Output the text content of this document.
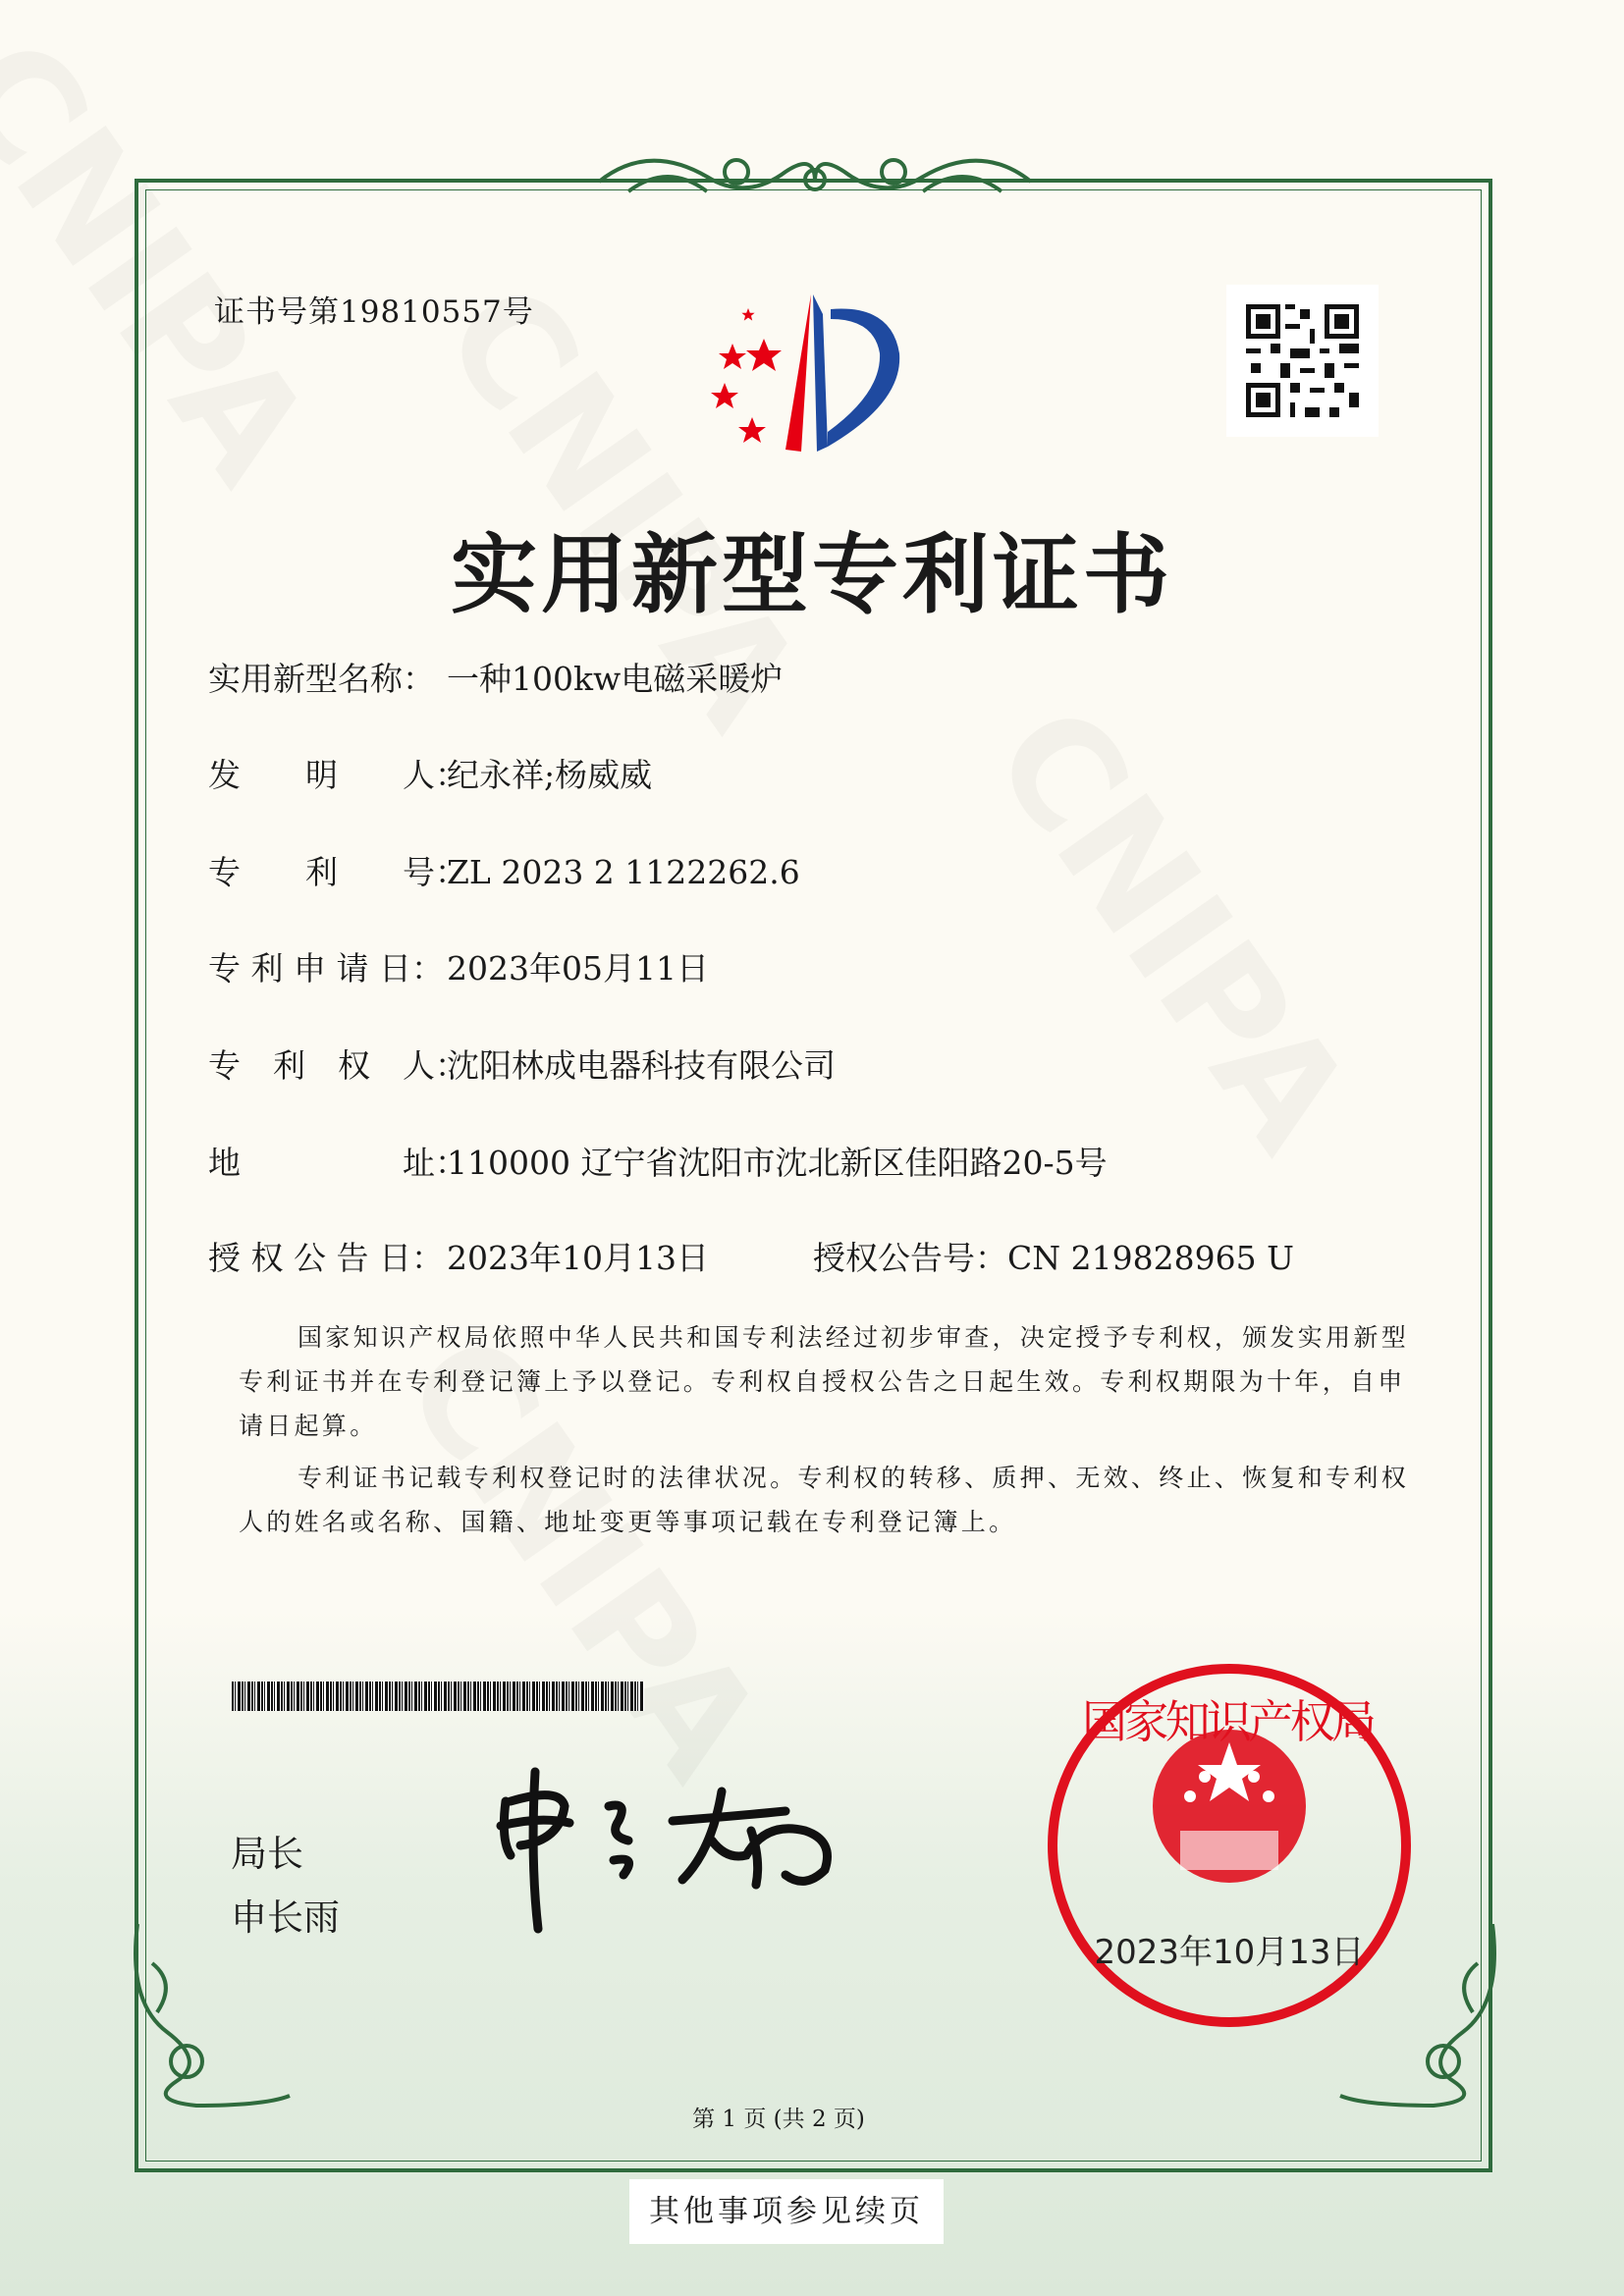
证书号第19810557号
实用新型专利证书
实用新型名称： 一种100kw电磁采暖炉
发　　明　　人：纪永祥;杨威威
专　　利　　号：ZL 2023 2 1122262.6
专 利 申 请 日：2023年05月11日
专　利　权　人：沈阳林成电器科技有限公司
地　　　　　址：110000 辽宁省沈阳市沈北新区佳阳路20-5号
授 权 公 告 日：2023年10月13日	授权公告号：CN 219828965 U
国家知识产权局依照中华人民共和国专利法经过初步审查，决定授予专利权，颁发实用新型专利证书并在专利登记簿上予以登记。专利权自授权公告之日起生效。专利权期限为十年，自申请日起算。
专利证书记载专利权登记时的法律状况。专利权的转移、质押、无效、终止、恢复和专利权人的姓名或名称、国籍、地址变更等事项记载在专利登记簿上。
局长
申长雨
国家知识产权局
2023年10月13日
第 1 页 (共 2 页)
其他事项参见续页
